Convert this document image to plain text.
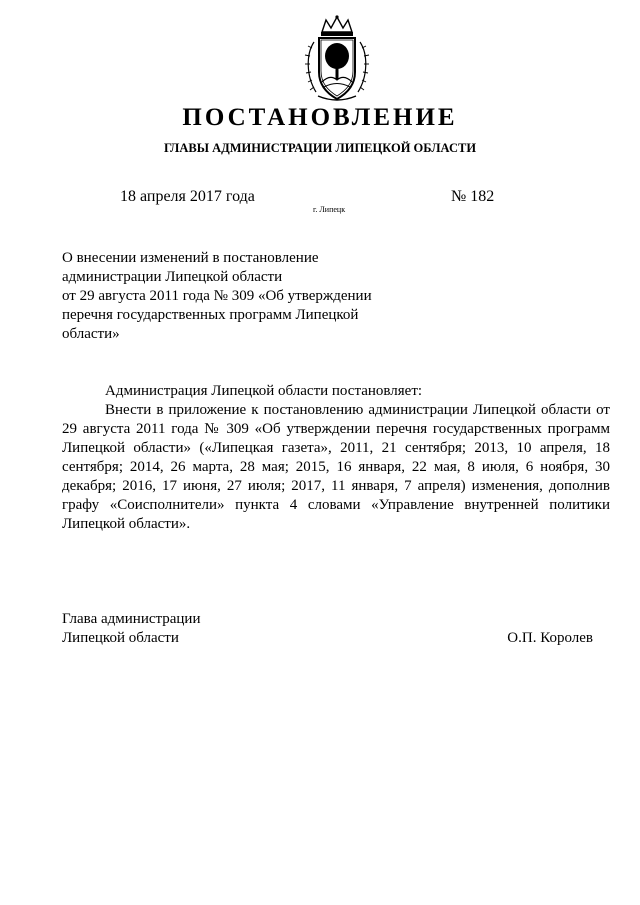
ПОСТАНОВЛЕНИЕ
ГЛАВЫ АДМИНИСТРАЦИИ ЛИПЕЦКОЙ ОБЛАСТИ
18 апреля 2017 года
г. Липецк
№ 182
О внесении изменений в постановление
администрации Липецкой области
от 29 августа 2011 года № 309 «Об утверждении
перечня государственных программ Липецкой
области»

Администрация Липецкой области постановляет:

Внести в приложение к постановлению администрации Липецкой области от 29 августа 2011 года № 309 «Об утверждении перечня государственных программ Липецкой области» («Липецкая газета», 2011, 21 сентября; 2013, 10 апреля, 18 сентября; 2014, 26 марта, 28 мая; 2015, 16 января, 22 мая, 8 июля, 6 ноября, 30 декабря; 2016, 17 июня, 27 июля; 2017, 11 января, 7 апреля) изменения, дополнив графу «Соисполнители» пункта 4 словами «Управление внутренней политики Липецкой области».

Глава администрации
Липецкой области	О.П. Королев
